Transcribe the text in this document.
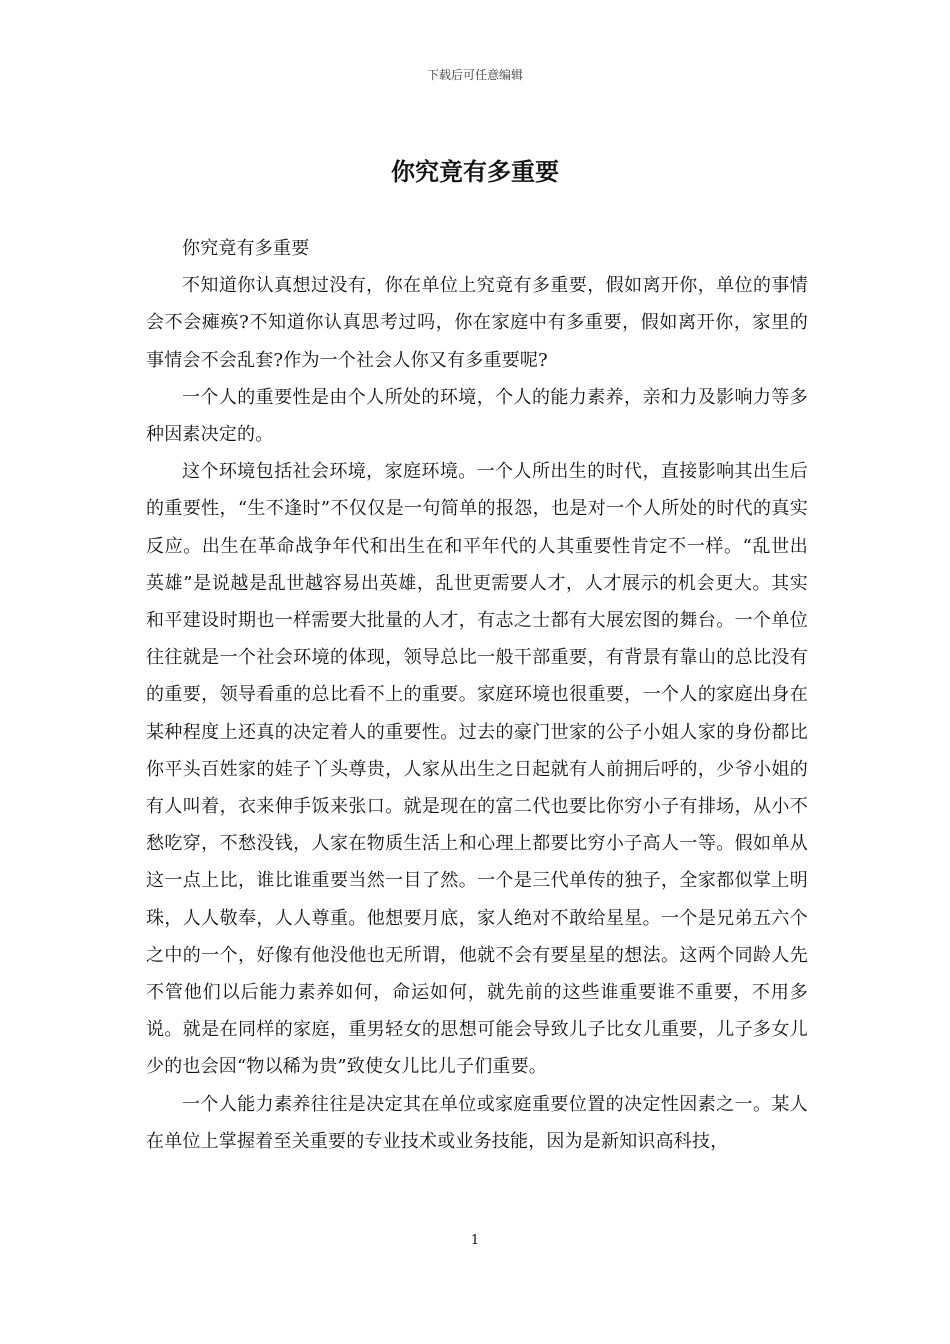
下载后可任意编辑
你究竟有多重要

你究竟有多重要

不知道你认真想过没有，你在单位上究竟有多重要，假如离开你，单位的事情会不会瘫痪?不知道你认真思考过吗，你在家庭中有多重要，假如离开你，家里的事情会不会乱套?作为一个社会人你又有多重要呢?

一个人的重要性是由个人所处的环境，个人的能力素养，亲和力及影响力等多种因素决定的。

这个环境包括社会环境，家庭环境。一个人所出生的时代，直接影响其出生后的重要性，“生不逢时”不仅仅是一句简单的报怨，也是对一个人所处的时代的真实反应。出生在革命战争年代和出生在和平年代的人其重要性肯定不一样。“乱世出英雄”是说越是乱世越容易出英雄，乱世更需要人才，人才展示的机会更大。其实和平建设时期也一样需要大批量的人才，有志之士都有大展宏图的舞台。一个单位往往就是一个社会环境的体现，领导总比一般干部重要，有背景有靠山的总比没有的重要，领导看重的总比看不上的重要。家庭环境也很重要，一个人的家庭出身在某种程度上还真的决定着人的重要性。过去的豪门世家的公子小姐人家的身份都比你平头百姓家的娃子丫头尊贵，人家从出生之日起就有人前拥后呼的，少爷小姐的有人叫着，衣来伸手饭来张口。就是现在的富二代也要比你穷小子有排场，从小不愁吃穿，不愁没钱，人家在物质生活上和心理上都要比穷小子高人一等。假如单从这一点上比，谁比谁重要当然一目了然。一个是三代单传的独子，全家都似掌上明珠，人人敬奉，人人尊重。他想要月底，家人绝对不敢给星星。一个是兄弟五六个之中的一个，好像有他没他也无所谓，他就不会有要星星的想法。这两个同龄人先不管他们以后能力素养如何，命运如何，就先前的这些谁重要谁不重要，不用多说。就是在同样的家庭，重男轻女的思想可能会导致儿子比女儿重要，儿子多女儿少的也会因“物以稀为贵”致使女儿比儿子们重要。

一个人能力素养往往是决定其在单位或家庭重要位置的决定性因素之一。某人在单位上掌握着至关重要的专业技术或业务技能，因为是新知识高科技，

1
